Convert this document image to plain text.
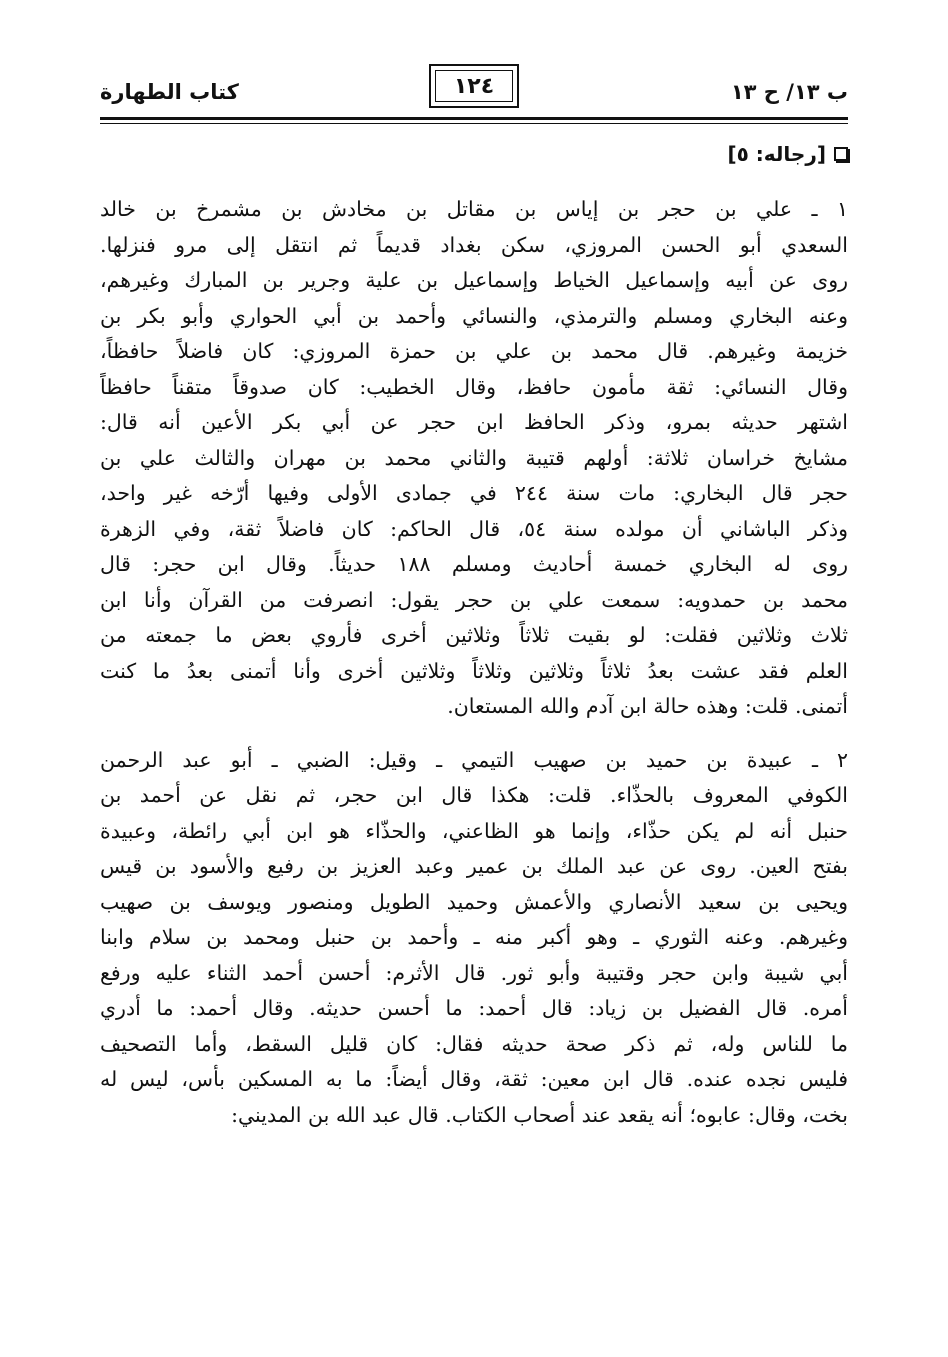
ب ١٣/ ح ١٣
١٢٤
كتاب الطهارة
[رجاله: ٥]
١ ـ علي بن حجر بن إياس بن مقاتل بن مخادش بن مشمرخ بن خالد
السعدي أبو الحسن المروزي، سكن بغداد قديماً ثم انتقل إلى مرو فنزلها.
روى عن أبيه وإسماعيل الخياط وإسماعيل بن علية وجرير بن المبارك وغيرهم،
وعنه البخاري ومسلم والترمذي، والنسائي وأحمد بن أبي الحواري وأبو بكر بن
خزيمة وغيرهم. قال محمد بن علي بن حمزة المروزي: كان فاضلاً حافظاً،
وقال النسائي: ثقة مأمون حافظ، وقال الخطيب: كان صدوقاً متقناً حافظاً
اشتهر حديثه بمرو، وذكر الحافظ ابن حجر عن أبي بكر الأعين أنه قال:
مشايخ خراسان ثلاثة: أولهم قتيبة والثاني محمد بن مهران والثالث علي بن
حجر قال البخاري: مات سنة ٢٤٤ في جمادى الأولى وفيها أرّخه غير واحد،
وذكر الباشاني أن مولده سنة ٥٤، قال الحاكم: كان فاضلاً ثقة، وفي الزهرة
روى له البخاري خمسة أحاديث ومسلم ١٨٨ حديثاً. وقال ابن حجر: قال
محمد بن حمدويه: سمعت علي بن حجر يقول: انصرفت من القرآن وأنا ابن
ثلاث وثلاثين فقلت: لو بقيت ثلاثاً وثلاثين أخرى فأروي بعض ما جمعته من
العلم فقد عشت بعدُ ثلاثاً وثلاثين وثلاثاً وثلاثين أخرى وأنا أتمنى بعدُ ما كنت
أتمنى. قلت: وهذه حالة ابن آدم والله المستعان.
٢ ـ عبيدة بن حميد بن صهيب التيمي ـ وقيل: الضبي ـ أبو عبد الرحمن
الكوفي المعروف بالحذّاء. قلت: هكذا قال ابن حجر، ثم نقل عن أحمد بن
حنبل أنه لم يكن حذّاء، وإنما هو الظاعني، والحذّاء هو ابن أبي رائطة، وعبيدة
بفتح العين. روى عن عبد الملك بن عمير وعبد العزيز بن رفيع والأسود بن قيس
ويحيى بن سعيد الأنصاري والأعمش وحميد الطويل ومنصور ويوسف بن صهيب
وغيرهم. وعنه الثوري ـ وهو أكبر منه ـ وأحمد بن حنبل ومحمد بن سلام وابنا
أبي شيبة وابن حجر وقتيبة وأبو ثور. قال الأثرم: أحسن أحمد الثناء عليه ورفع
أمره. قال الفضيل بن زياد: قال أحمد: ما أحسن حديثه. وقال أحمد: ما أدري
ما للناس وله، ثم ذكر صحة حديثه فقال: كان قليل السقط، وأما التصحيف
فليس نجده عنده. قال ابن معين: ثقة، وقال أيضاً: ما به المسكين بأس، ليس له
بخت، وقال: عابوه؛ أنه يقعد عند أصحاب الكتاب. قال عبد الله بن المديني:
